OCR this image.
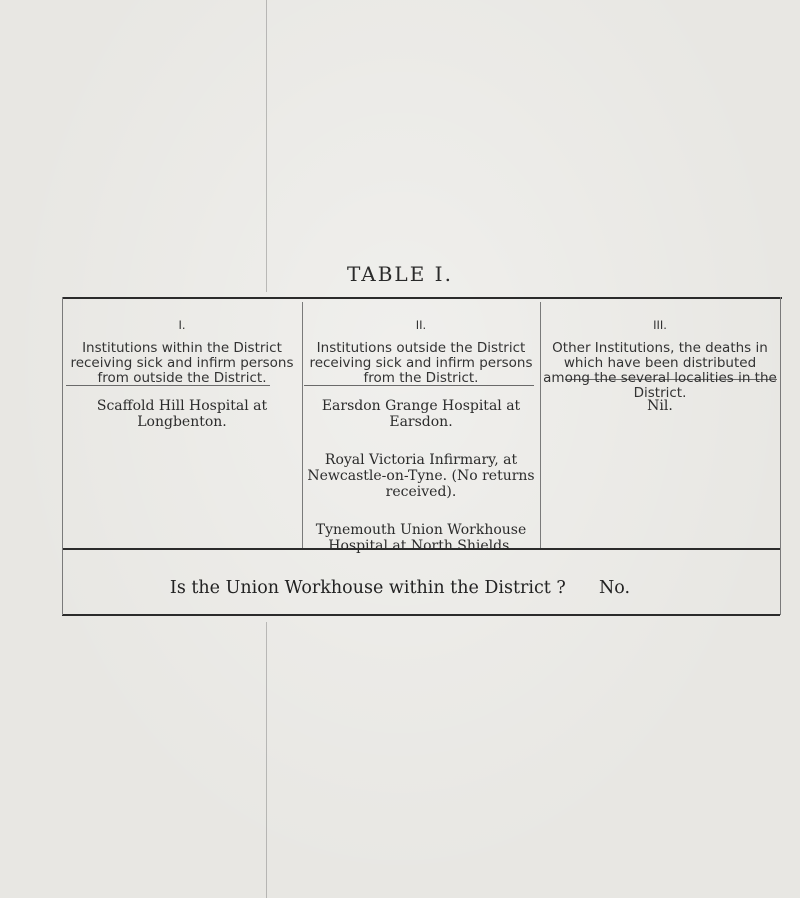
TABLE I.
I.
Institutions within the District receiving sick and infirm persons from outside the District.
II.
Institutions outside the District receiving sick and infirm persons from the District.
III.
Other Institutions, the deaths in which have been distributed among the several localities in the District.
Scaffold Hill Hospital at Longbenton.
Earsdon Grange Hospital at Earsdon.
Royal Victoria Infirmary, at Newcastle-on-Tyne. (No returns received).
Tynemouth Union Workhouse Hospital at North Shields.
Nil.
Is the Union Workhouse within the District ? No.
